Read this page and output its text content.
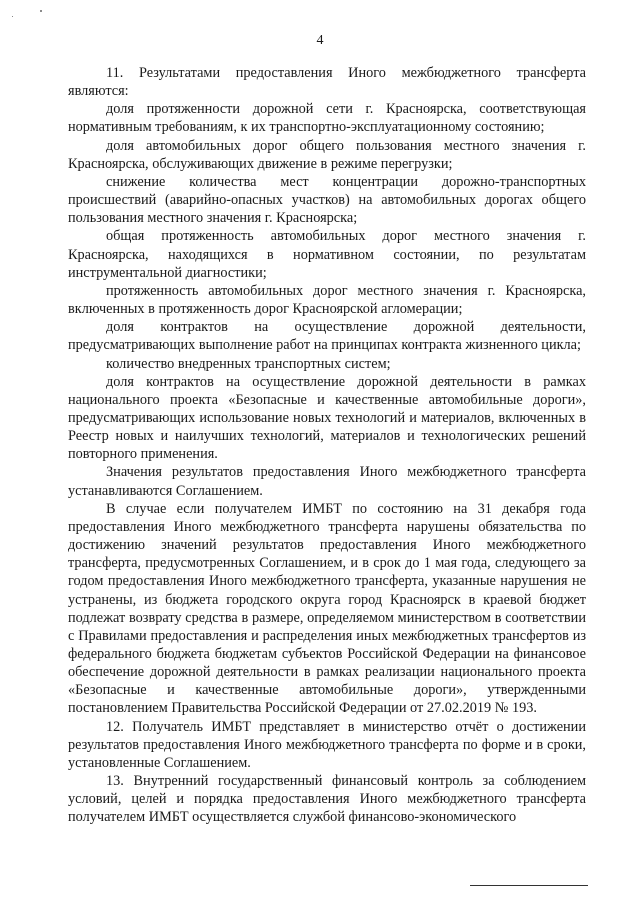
4

11. Результатами предоставления Иного межбюджетного трансферта являются:

доля протяженности дорожной сети г. Красноярска, соответствующая нормативным требованиям, к их транспортно-эксплуатационному состоянию;

доля автомобильных дорог общего пользования местного значения г. Красноярска, обслуживающих движение в режиме перегрузки;

снижение количества мест концентрации дорожно-транспортных происшествий (аварийно-опасных участков) на автомобильных дорогах общего пользования местного значения г. Красноярска;

общая протяженность автомобильных дорог местного значения г. Красноярска, находящихся в нормативном состоянии, по результатам инструментальной диагностики;

протяженность автомобильных дорог местного значения г. Красноярска, включенных в протяженность дорог Красноярской агломерации;

доля контрактов на осуществление дорожной деятельности, предусматривающих выполнение работ на принципах контракта жизненного цикла;

количество внедренных транспортных систем;

доля контрактов на осуществление дорожной деятельности в рамках национального проекта «Безопасные и качественные автомобильные дороги», предусматривающих использование новых технологий и материалов, включенных в Реестр новых и наилучших технологий, материалов и технологических решений повторного применения.

Значения результатов предоставления Иного межбюджетного трансферта устанавливаются Соглашением.

В случае если получателем ИМБТ по состоянию на 31 декабря года предоставления Иного межбюджетного трансферта нарушены обязательства по достижению значений результатов предоставления Иного межбюджетного трансферта, предусмотренных Соглашением, и в срок до 1 мая года, следующего за годом предоставления Иного межбюджетного трансферта, указанные нарушения не устранены, из бюджета городского округа город Красноярск в краевой бюджет подлежат возврату средства в размере, определяемом министерством в соответствии с Правилами предоставления и распределения иных межбюджетных трансфертов из федерального бюджета бюджетам субъектов Российской Федерации на финансовое обеспечение дорожной деятельности в рамках реализации национального проекта «Безопасные и качественные автомобильные дороги», утвержденными постановлением Правительства Российской Федерации от 27.02.2019 № 193.

12. Получатель ИМБТ представляет в министерство отчёт о достижении результатов предоставления Иного межбюджетного трансферта по форме и в сроки, установленные Соглашением.

13. Внутренний государственный финансовый контроль за соблюдением условий, целей и порядка предоставления Иного межбюджетного трансферта получателем ИМБТ осуществляется службой финансово-экономического
